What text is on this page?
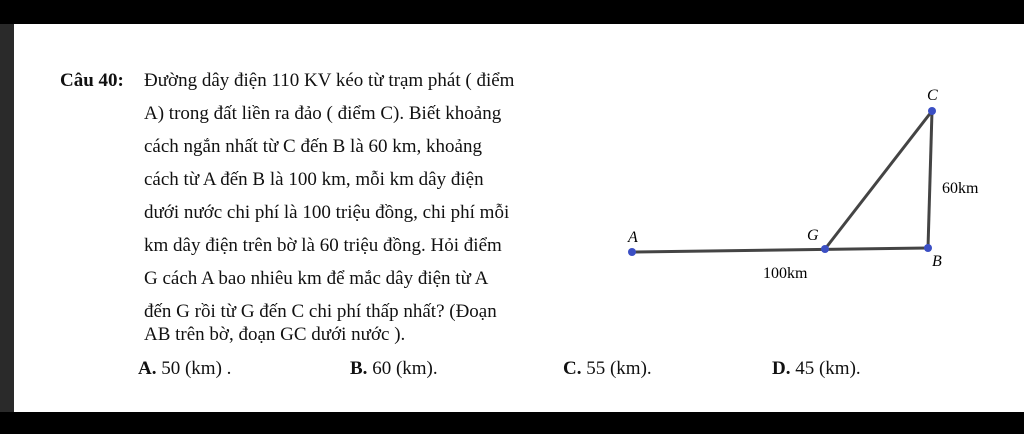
Câu 40: Đường dây điện 110 KV kéo từ trạm phát ( điểm
A) trong đất liền ra đảo ( điểm C). Biết khoảng
cách ngắn nhất từ C đến B là 60 km, khoảng
cách từ A đến B là 100 km, mỗi km dây điện
dưới nước chi phí là 100 triệu đồng, chi phí mỗi
km dây điện trên bờ là 60 triệu đồng. Hỏi điểm
G cách A bao nhiêu km để mắc dây điện từ A
đến G rồi từ G đến C chi phí thấp nhất? (Đoạn
AB trên bờ, đoạn GC dưới nước ).
A. 50 (km) .	B. 60 (km).	C. 55 (km).	D. 45 (km).
A	G
B
C
60km
100km
